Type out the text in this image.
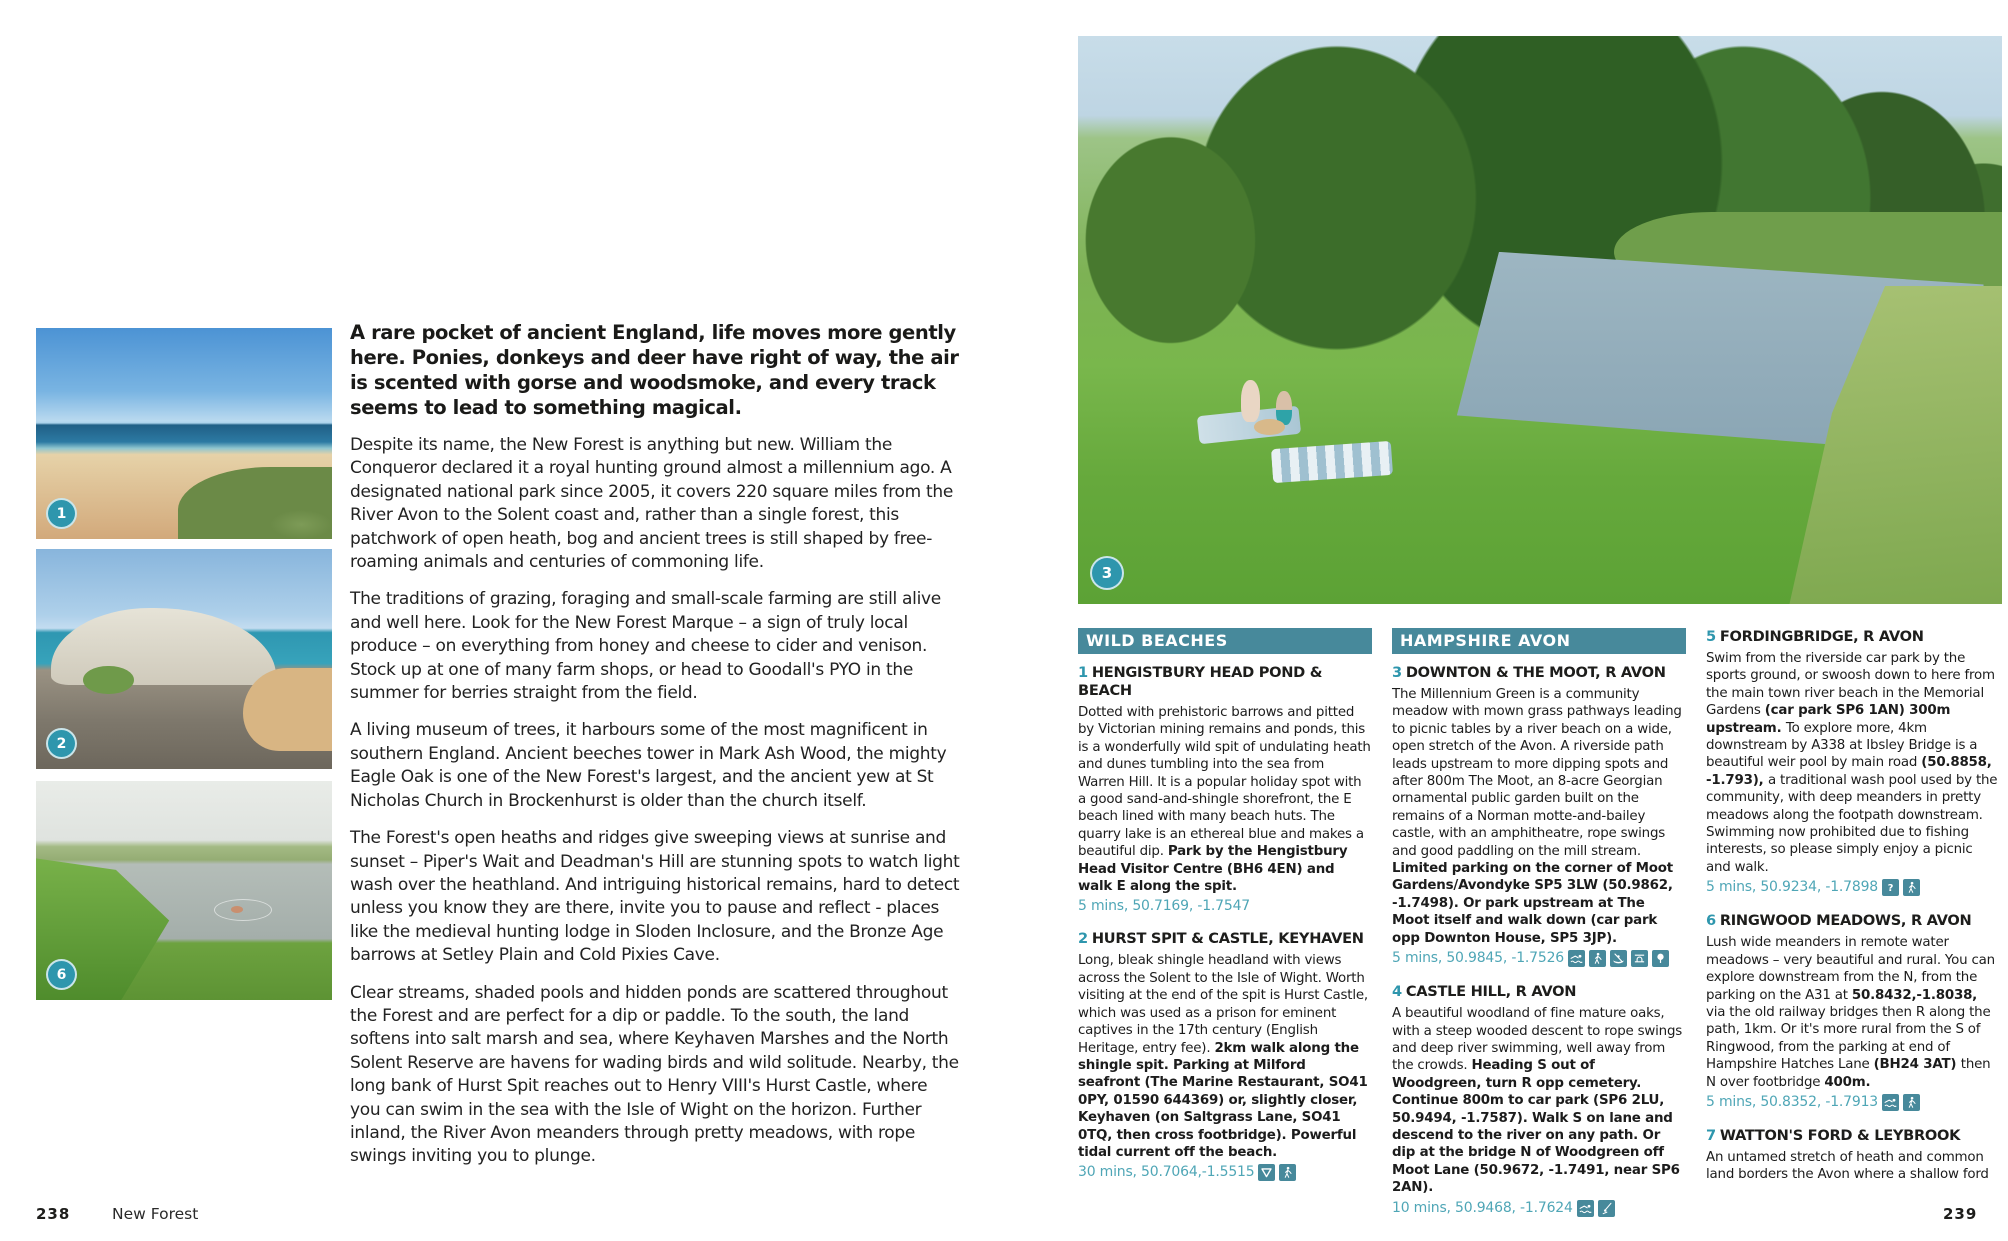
1
2
6

A rare pocket of ancient England, life moves more gently here. Ponies, donkeys and deer have right of way, the air is scented with gorse and woodsmoke, and every track seems to lead to something magical.

Despite its name, the New Forest is anything but new. William the Conqueror declared it a royal hunting ground almost a millennium ago. A designated national park since 2005, it covers 220 square miles from the River Avon to the Solent coast and, rather than a single forest, this patchwork of open heath, bog and ancient trees is still shaped by free-roaming animals and centuries of commoning life.

The traditions of grazing, foraging and small-scale farming are still alive and well here. Look for the New Forest Marque – a sign of truly local produce – on everything from honey and cheese to cider and venison. Stock up at one of many farm shops, or head to Goodall's PYO in the summer for berries straight from the field.

A living museum of trees, it harbours some of the most magnificent in southern England. Ancient beeches tower in Mark Ash Wood, the mighty Eagle Oak is one of the New Forest's largest, and the ancient yew at St Nicholas Church in Brockenhurst is older than the church itself.

The Forest's open heaths and ridges give sweeping views at sunrise and sunset – Piper's Wait and Deadman's Hill are stunning spots to watch light wash over the heathland. And intriguing historical remains, hard to detect unless you know they are there, invite you to pause and reflect - places like the medieval hunting lodge in Sloden Inclosure, and the Bronze Age barrows at Setley Plain and Cold Pixies Cave.

Clear streams, shaded pools and hidden ponds are scattered throughout the Forest and are perfect for a dip or paddle. To the south, the land softens into salt marsh and sea, where Keyhaven Marshes and the North Solent Reserve are havens for wading birds and wild solitude. Nearby, the long bank of Hurst Spit reaches out to Henry VIII's Hurst Castle, where you can swim in the sea with the Isle of Wight on the horizon. Further inland, the River Avon meanders through pretty meadows, with rope swings inviting you to plunge.

238	New Forest
3
WILD BEACHES
1 HENGISTBURY HEAD POND & BEACH

Dotted with prehistoric barrows and pitted by Victorian mining remains and ponds, this is a wonderfully wild spit of undulating heath and dunes tumbling into the sea from Warren Hill. It is a popular holiday spot with a good sand-and-shingle shorefront, the E beach lined with many beach huts. The quarry lake is an ethereal blue and makes a beautiful dip. Park by the Hengistbury Head Visitor Centre (BH6 4EN) and walk E along the spit.

5 mins, 50.7169, -1.7547
2 HURST SPIT & CASTLE, KEYHAVEN

Long, bleak shingle headland with views across the Solent to the Isle of Wight. Worth visiting at the end of the spit is Hurst Castle, which was used as a prison for eminent captives in the 17th century (English Heritage, entry fee). 2km walk along the shingle spit. Parking at Milford seafront (The Marine Restaurant, SO41 0PY, 01590 644369) or, slightly closer, Keyhaven (on Saltgrass Lane, SO41 0TQ, then cross footbridge). Powerful tidal current off the beach.

30 mins, 50.7064,-1.5515
HAMPSHIRE AVON
3 DOWNTON & THE MOOT, R AVON

The Millennium Green is a community meadow with mown grass pathways leading to picnic tables by a river beach on a wide, open stretch of the Avon. A riverside path leads upstream to more dipping spots and after 800m The Moot, an 8-acre Georgian ornamental public garden built on the remains of a Norman motte-and-bailey castle, with an amphitheatre, rope swings and good paddling on the mill stream. Limited parking on the corner of Moot Gardens/Avondyke SP5 3LW (50.9862, -1.7498). Or park upstream at The Moot itself and walk down (car park opp Downton House, SP5 3JP).

5 mins, 50.9845, -1.7526
4 CASTLE HILL, R AVON

A beautiful woodland of fine mature oaks, with a steep wooded descent to rope swings and deep river swimming, well away from the crowds. Heading S out of Woodgreen, turn R opp cemetery. Continue 800m to car park (SP6 2LU, 50.9494, -1.7587). Walk S on lane and descend to the river on any path. Or dip at the bridge N of Woodgreen off Moot Lane (50.9672, -1.7491, near SP6 2AN).

10 mins, 50.9468, -1.7624
5 FORDINGBRIDGE, R AVON

Swim from the riverside car park by the sports ground, or swoosh down to here from the main town river beach in the Memorial Gardens (car park SP6 1AN) 300m upstream. To explore more, 4km downstream by A338 at Ibsley Bridge is a beautiful weir pool by main road (50.8858, -1.793), a traditional wash pool used by the community, with deep meanders in pretty meadows along the footpath downstream. Swimming now prohibited due to fishing interests, so please simply enjoy a picnic and walk.

5 mins, 50.9234, -1.7898 ?
6 RINGWOOD MEADOWS, R AVON

Lush wide meanders in remote water meadows – very beautiful and rural. You can explore downstream from the N, from the parking on the A31 at 50.8432,-1.8038, via the old railway bridges then R along the path, 1km. Or it's more rural from the S of Ringwood, from the parking at end of Hampshire Hatches Lane (BH24 3AT) then N over footbridge 400m.

5 mins, 50.8352, -1.7913
7 WATTON'S FORD & LEYBROOK

An untamed stretch of heath and common land borders the Avon where a shallow ford

239
